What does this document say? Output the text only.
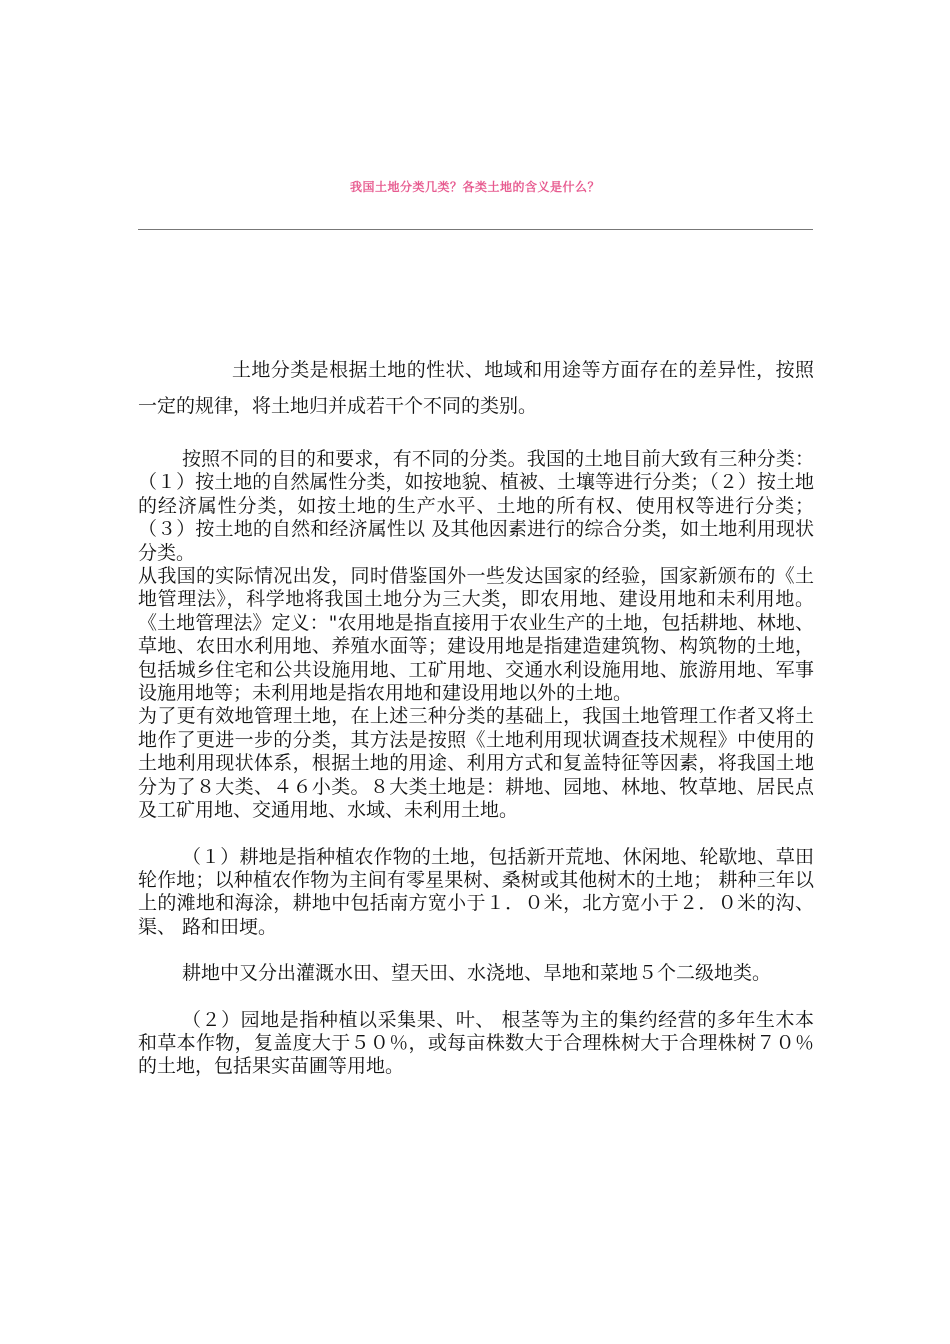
我国土地分类几类？各类土地的含义是什么？

土地分类是根据土地的性状、地域和用途等方面存在的差异性，按照一定的规律，将土地归并成若干个不同的类别。

按照不同的目的和要求，有不同的分类。我国的土地目前大致有三种分类：（１）按土地的自然属性分类，如按地貌、植被、土壤等进行分类；（２）按土地的经济属性分类，如按土地的生产水平、土地的所有权、使用权等进行分类；（３）按土地的自然和经济属性以 及其他因素进行的综合分类，如土地利用现状分类。

从我国的实际情况出发，同时借鉴国外一些发达国家的经验，国家新颁布的《土地管理法》，科学地将我国土地分为三大类，即农用地、建设用地和未利用地。《土地管理法》定义："农用地是指直接用于农业生产的土地，包括耕地、林地、草地、农田水利用地、养殖水面等；建设用地是指建造建筑物、构筑物的土地，包括城乡住宅和公共设施用地、工矿用地、交通水利设施用地、旅游用地、军事设施用地等；未利用地是指农用地和建设用地以外的土地。

为了更有效地管理土地，在上述三种分类的基础上，我国土地管理工作者又将土地作了更进一步的分类，其方法是按照《土地利用现状调查技术规程》中使用的土地利用现状体系，根据土地的用途、利用方式和复盖特征等因素，将我国土地分为了８大类、４６小类。８大类土地是：耕地、园地、林地、牧草地、居民点及工矿用地、交通用地、水域、未利用土地。

（１）耕地是指种植农作物的土地，包括新开荒地、休闲地、轮歇地、草田轮作地；以种植农作物为主间有零星果树、桑树或其他树木的土地； 耕种三年以上的滩地和海涂，耕地中包括南方宽小于１．０米，北方宽小于２．０米的沟、渠、 路和田埂。

耕地中又分出灌溉水田、望天田、水浇地、旱地和菜地５个二级地类。

（２）园地是指种植以采集果、叶、 根茎等为主的集约经营的多年生木本和草本作物，复盖度大于５０％，或每亩株数大于合理株树大于合理株树７０％的土地，包括果实苗圃等用地。
